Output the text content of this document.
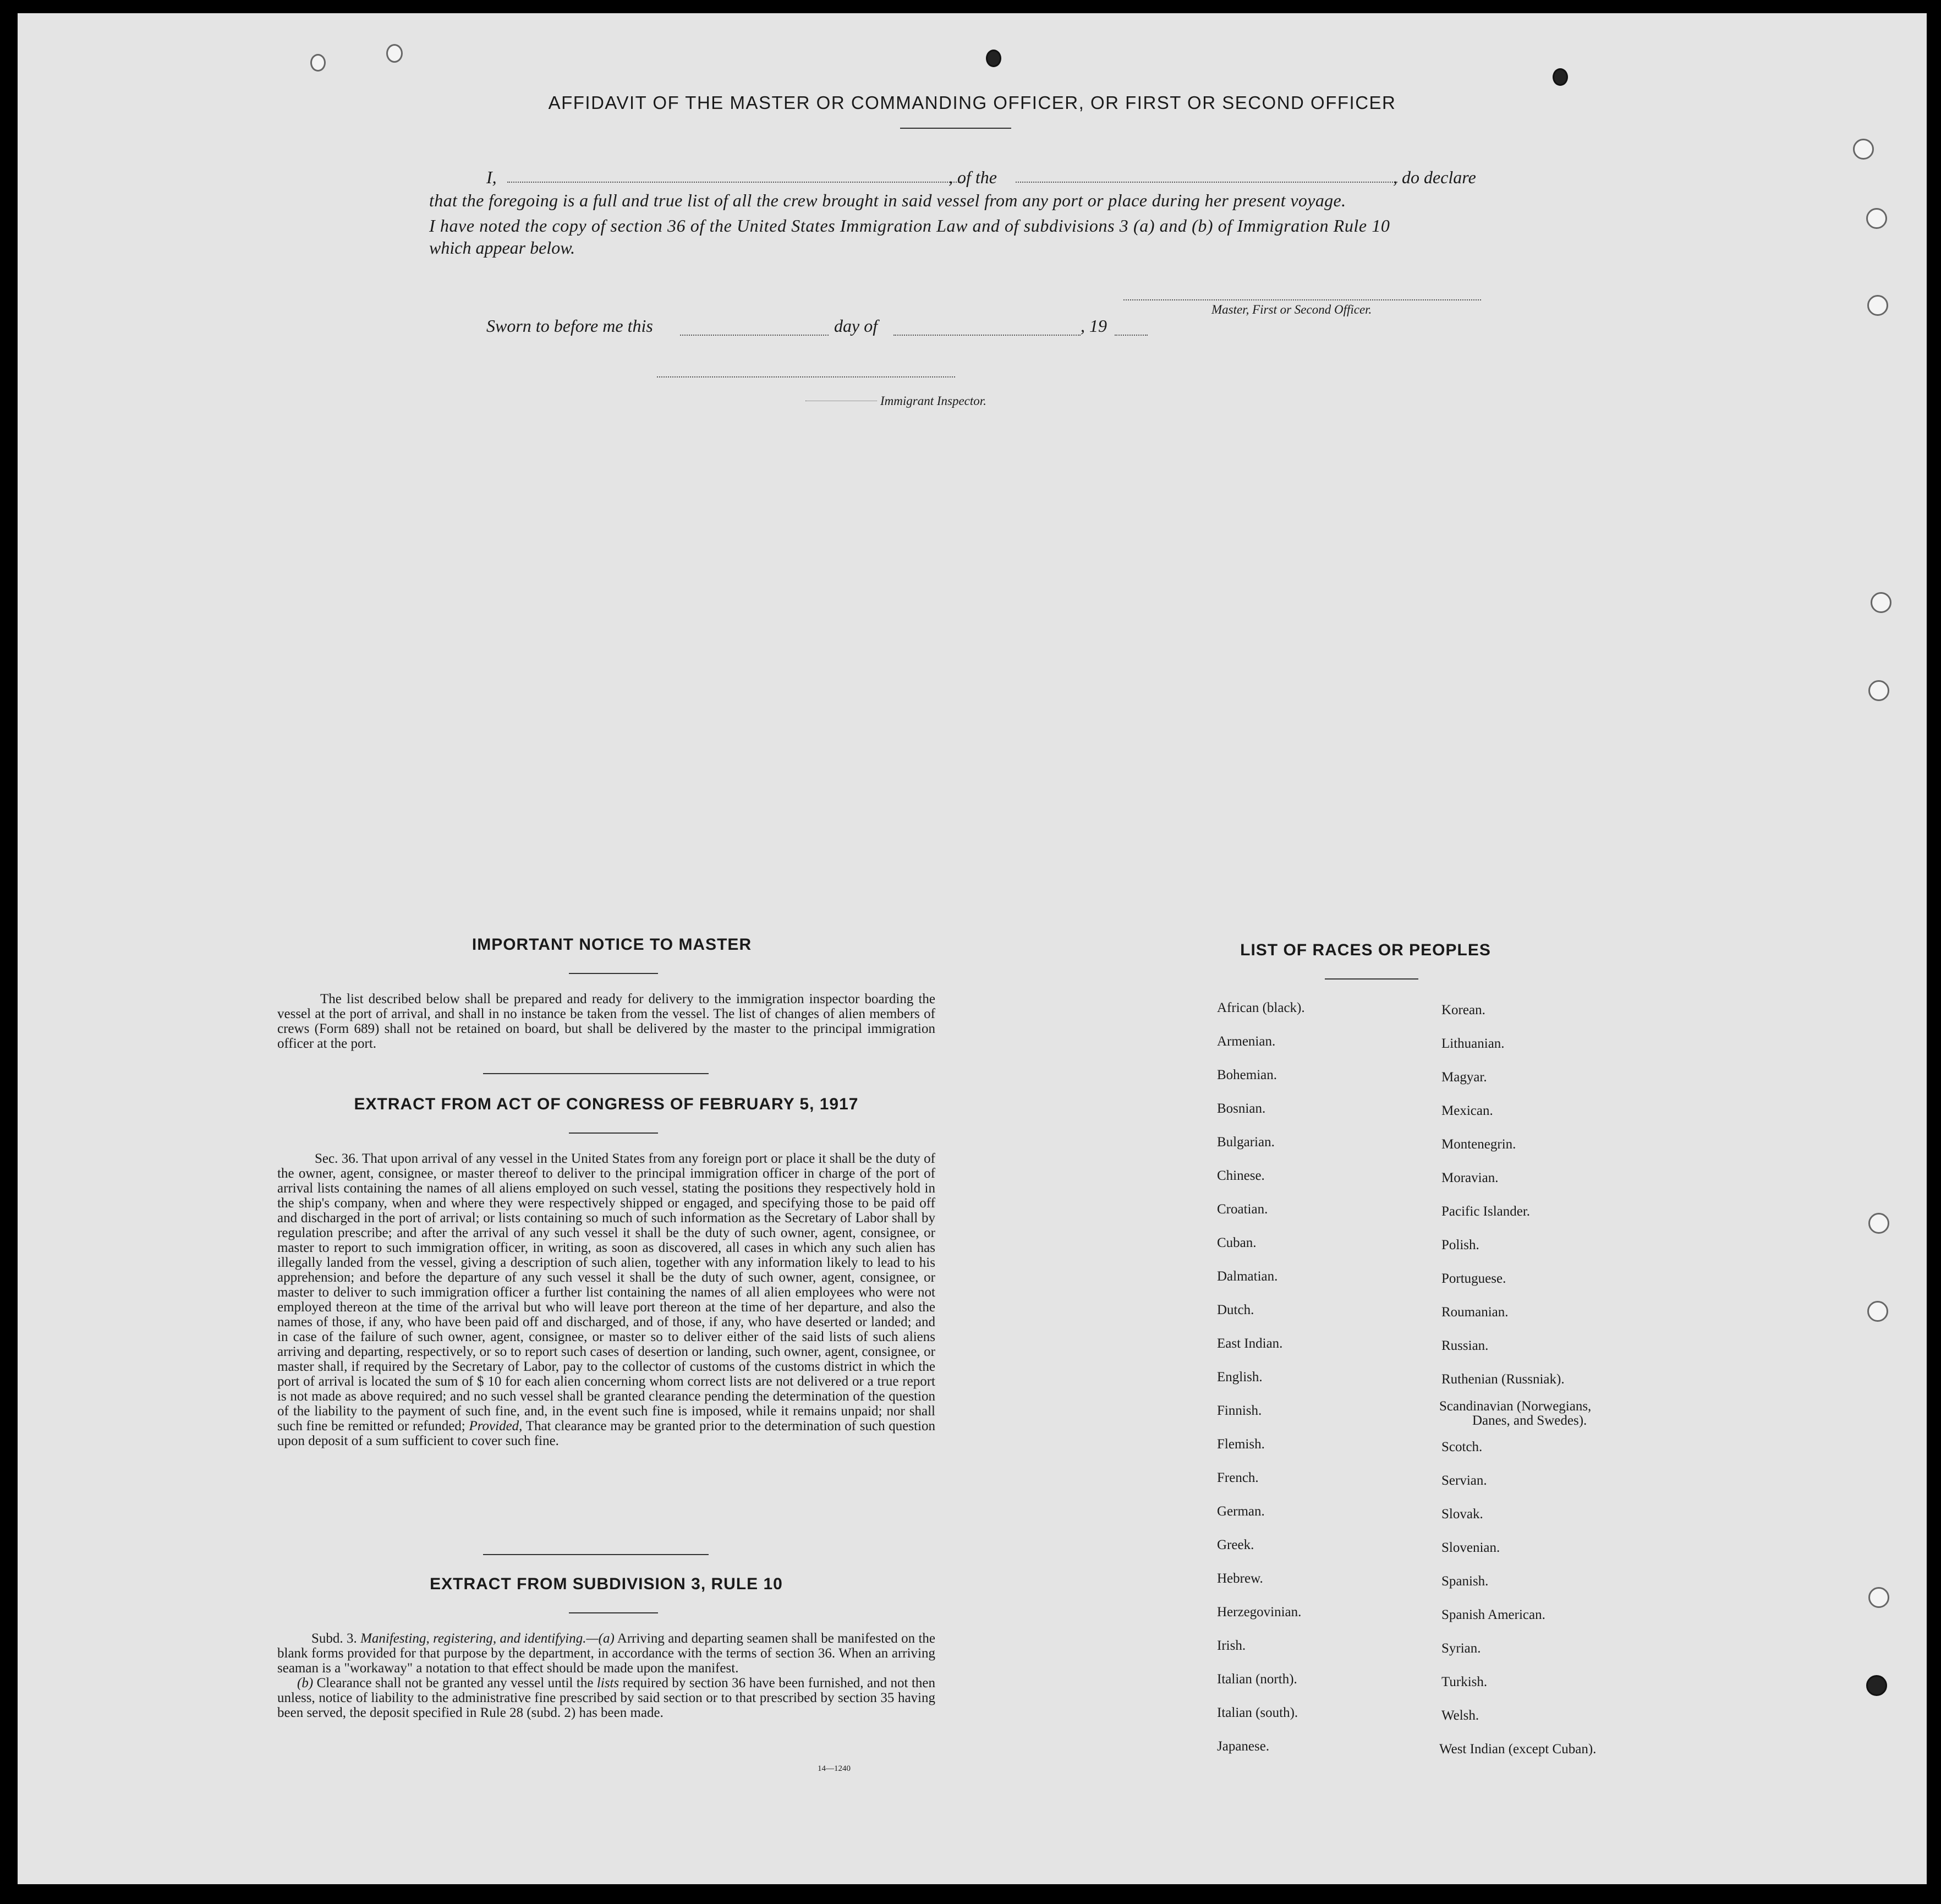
AFFIDAVIT OF THE MASTER OR COMMANDING OFFICER, OR FIRST OR SECOND OFFICER
I,	, of the	, do declare
that the foregoing is a full and true list of all the crew brought in said vessel from any port or place during her present voyage.
I have noted the copy of section 36 of the United States Immigration Law and of subdivisions 3 (a) and (b) of Immigration Rule 10
which appear below.
Master, First or Second Officer.
Sworn to before me this	day of	, 19
Immigrant Inspector.
IMPORTANT NOTICE TO MASTER
The list described below shall be prepared and ready for delivery to the immigration inspector boarding the vessel at the port of arrival, and shall in no instance be taken from the vessel. The list of changes of alien members of crews (Form 689) shall not be retained on board, but shall be delivered by the master to the principal immigration officer at the port.
EXTRACT FROM ACT OF CONGRESS OF FEBRUARY 5, 1917
Sec. 36. That upon arrival of any vessel in the United States from any foreign port or place it shall be the duty of the owner, agent, consignee, or master thereof to deliver to the principal immigration officer in charge of the port of arrival lists containing the names of all aliens employed on such vessel, stating the positions they respectively hold in the ship's company, when and where they were respectively shipped or engaged, and specifying those to be paid off and discharged in the port of arrival; or lists containing so much of such information as the Secretary of Labor shall by regulation prescribe; and after the arrival of any such vessel it shall be the duty of such owner, agent, consignee, or master to report to such immigration officer, in writing, as soon as discovered, all cases in which any such alien has illegally landed from the vessel, giving a description of such alien, together with any information likely to lead to his apprehension; and before the departure of any such vessel it shall be the duty of such owner, agent, consignee, or master to deliver to such immigration officer a further list containing the names of all alien employees who were not employed thereon at the time of the arrival but who will leave port thereon at the time of her departure, and also the names of those, if any, who have been paid off and discharged, and of those, if any, who have deserted or landed; and in case of the failure of such owner, agent, consignee, or master so to deliver either of the said lists of such aliens arriving and departing, respectively, or so to report such cases of desertion or landing, such owner, agent, consignee, or master shall, if required by the Secretary of Labor, pay to the collector of customs of the customs district in which the port of arrival is located the sum of $ 10 for each alien concerning whom correct lists are not delivered or a true report is not made as above required; and no such vessel shall be granted clearance pending the determination of the question of the liability to the payment of such fine, and, in the event such fine is imposed, while it remains unpaid; nor shall such fine be remitted or refunded; Provided, That clearance may be granted prior to the determination of such question upon deposit of a sum sufficient to cover such fine.
EXTRACT FROM SUBDIVISION 3, RULE 10
Subd. 3. Manifesting, registering, and identifying.—(a) Arriving and departing seamen shall be manifested on the blank forms provided for that purpose by the department, in accordance with the terms of section 36. When an arriving seaman is a "workaway" a notation to that effect should be made upon the manifest.
(b) Clearance shall not be granted any vessel until the lists required by section 36 have been furnished, and not then unless, notice of liability to the administrative fine prescribed by said section or to that prescribed by section 35 having been served, the deposit specified in Rule 28 (subd. 2) has been made.
14—1240
LIST OF RACES OR PEOPLES
African (black).
Armenian.
Bohemian.
Bosnian.
Bulgarian.
Chinese.
Croatian.
Cuban.
Dalmatian.
Dutch.
East Indian.
English.
Finnish.
Flemish.
French.
German.
Greek.
Hebrew.
Herzegovinian.
Irish.
Italian (north).
Italian (south).
Japanese.
Korean.
Lithuanian.
Magyar.
Mexican.
Montenegrin.
Moravian.
Pacific Islander.
Polish.
Portuguese.
Roumanian.
Russian.
Ruthenian (Russniak).
Scandinavian (Norwegians,
Danes, and Swedes).
Scotch.
Servian.
Slovak.
Slovenian.
Spanish.
Spanish American.
Syrian.
Turkish.
Welsh.
West Indian (except Cuban).
